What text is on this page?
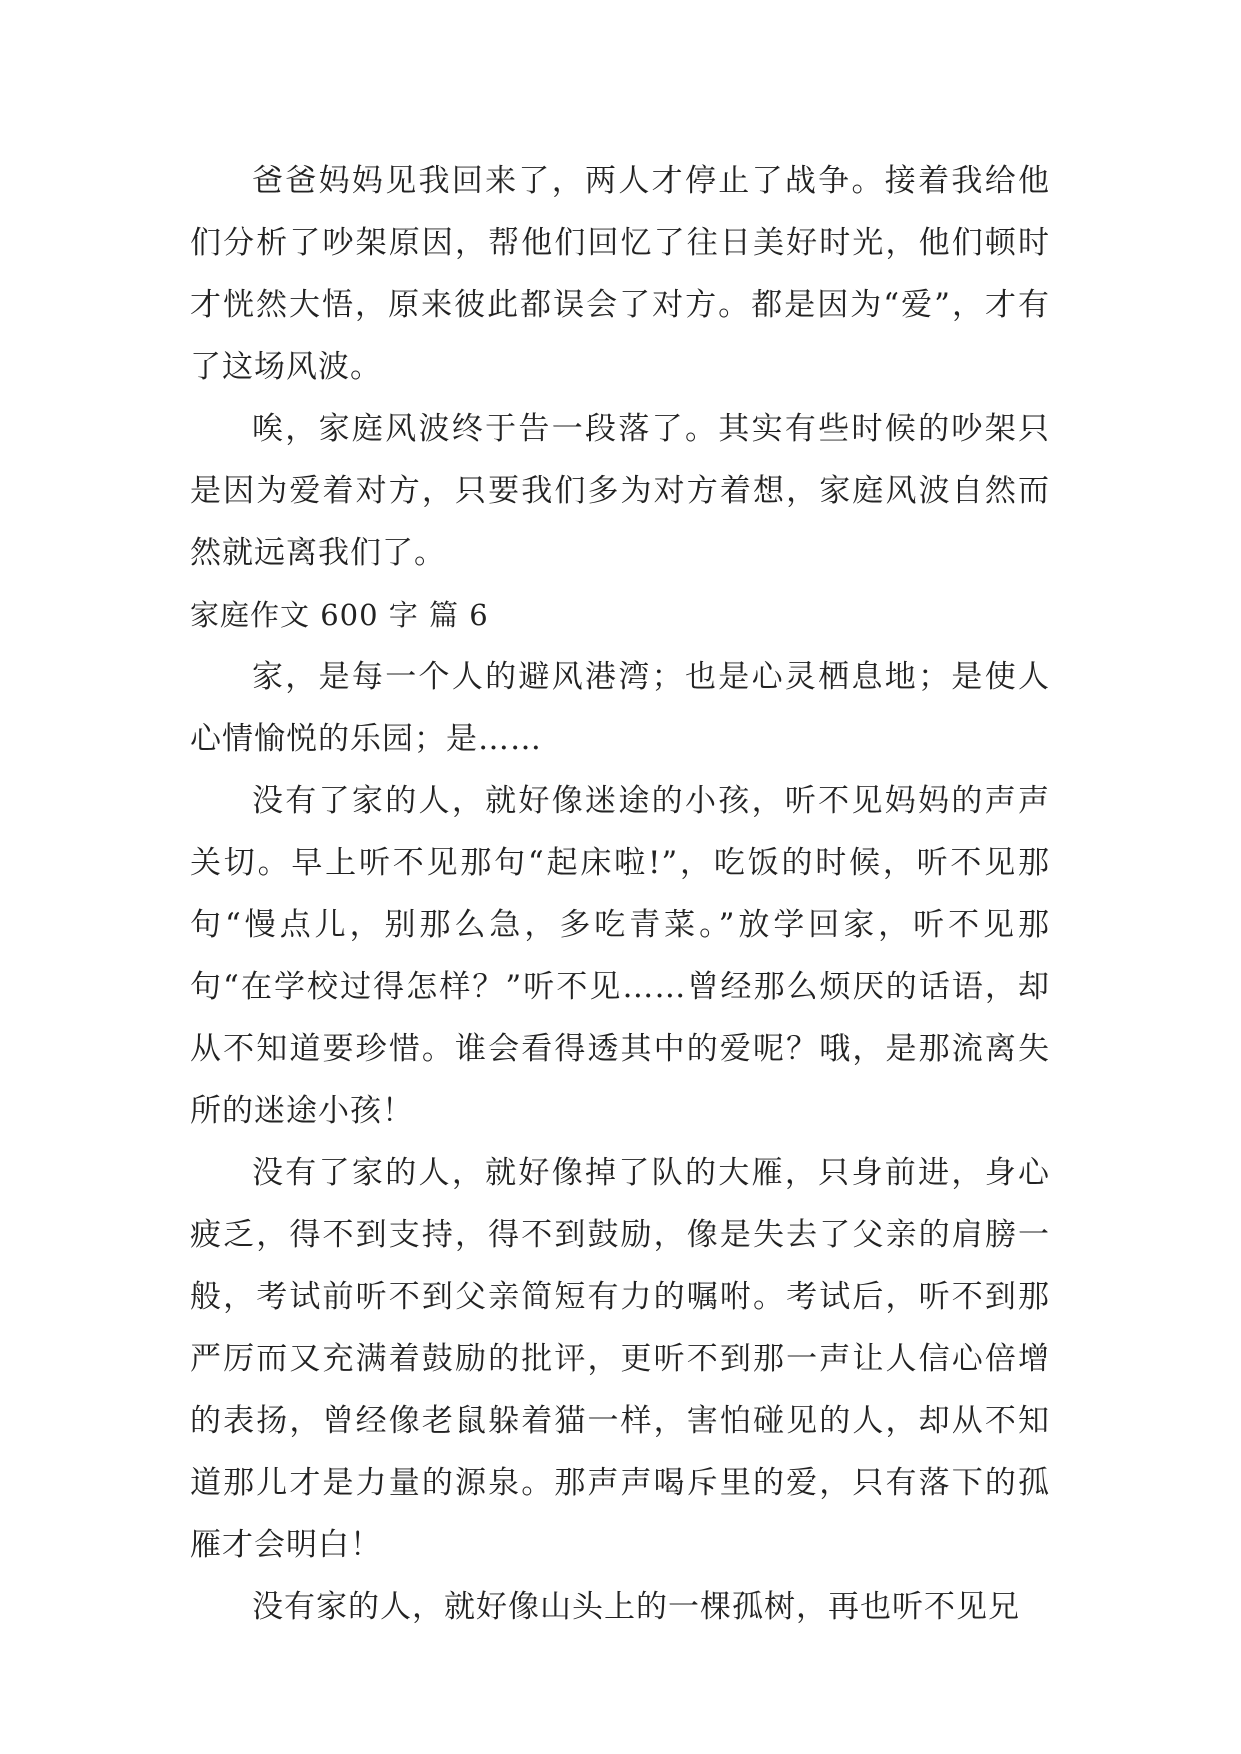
爸爸妈妈见我回来了，两人才停止了战争。接着我给他们分析了吵架原因，帮他们回忆了往日美好时光，他们顿时才恍然大悟，原来彼此都误会了对方。都是因为“爱”，才有了这场风波。

唉，家庭风波终于告一段落了。其实有些时候的吵架只是因为爱着对方，只要我们多为对方着想，家庭风波自然而然就远离我们了。

家庭作文 600 字 篇 6

家，是每一个人的避风港湾；也是心灵栖息地；是使人心情愉悦的乐园；是……

没有了家的人，就好像迷途的小孩，听不见妈妈的声声关切。早上听不见那句“起床啦!”，吃饭的时候，听不见那句“慢点儿，别那么急，多吃青菜。”放学回家，听不见那句“在学校过得怎样？”听不见……曾经那么烦厌的话语，却从不知道要珍惜。谁会看得透其中的爱呢？哦，是那流离失所的迷途小孩！

没有了家的人，就好像掉了队的大雁，只身前进，身心疲乏，得不到支持，得不到鼓励，像是失去了父亲的肩膀一般，考试前听不到父亲简短有力的嘱咐。考试后，听不到那严厉而又充满着鼓励的批评，更听不到那一声让人信心倍增的表扬，曾经像老鼠躲着猫一样，害怕碰见的人，却从不知道那儿才是力量的源泉。那声声喝斥里的爱，只有落下的孤雁才会明白！

没有家的人，就好像山头上的一棵孤树，再也听不见兄
